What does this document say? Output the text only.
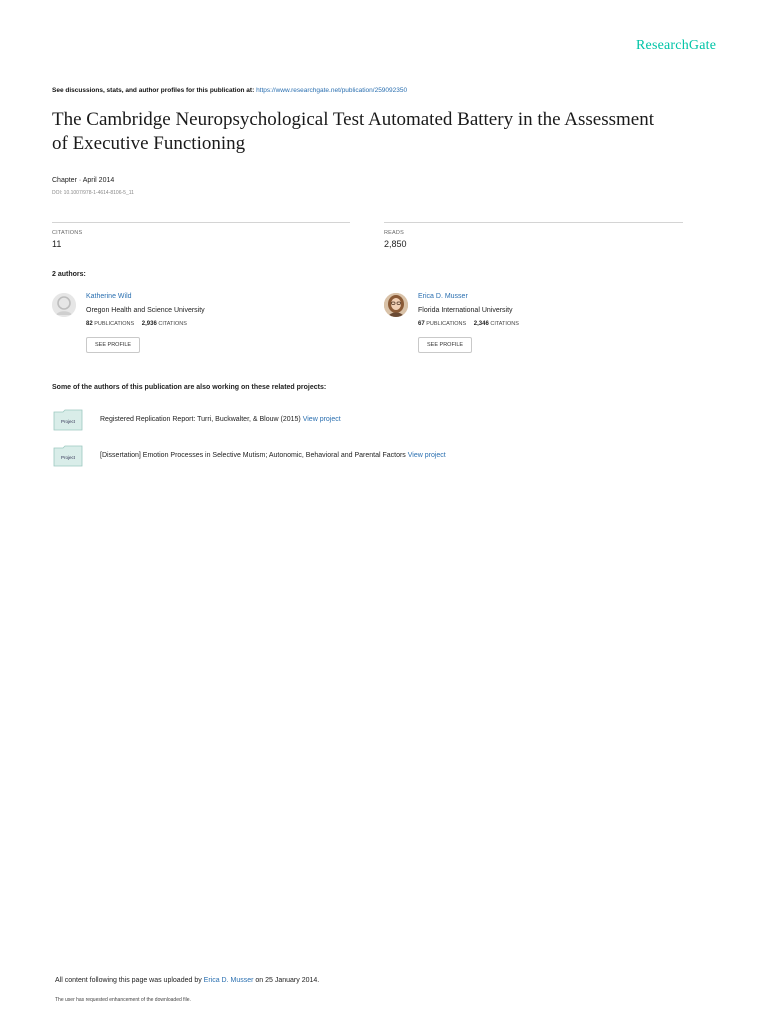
ResearchGate
See discussions, stats, and author profiles for this publication at: https://www.researchgate.net/publication/259092350
The Cambridge Neuropsychological Test Automated Battery in the Assessment of Executive Functioning
Chapter · April 2014
DOI: 10.1007/978-1-4614-8106-5_11
CITATIONS
11
READS
2,850
2 authors:
Katherine Wild
Oregon Health and Science University
82 PUBLICATIONS 2,936 CITATIONS
SEE PROFILE
Erica D. Musser
Florida International University
67 PUBLICATIONS 2,346 CITATIONS
SEE PROFILE
Some of the authors of this publication are also working on these related projects:
Project	Registered Replication Report: Turri, Buckwalter, & Blouw (2015) View project
Project	[Dissertation] Emotion Processes in Selective Mutism; Autonomic, Behavioral and Parental Factors View project
All content following this page was uploaded by Erica D. Musser on 25 January 2014.
The user has requested enhancement of the downloaded file.
